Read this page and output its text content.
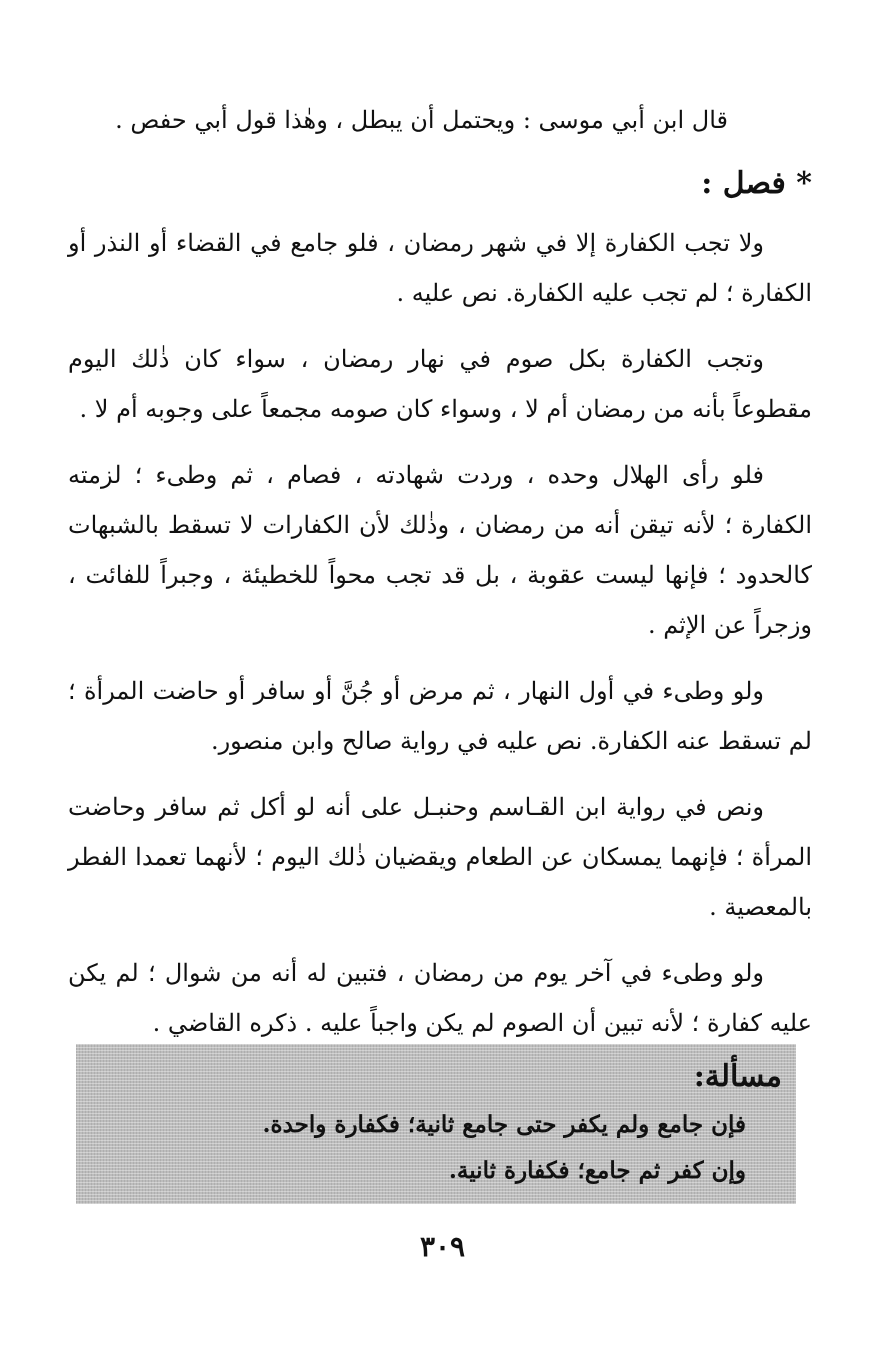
قال ابن أبي موسى : ويحتمل أن يبطل ، وهٰذا قول أبي حفص .

* فصل :

ولا تجب الكفارة إلا في شهر رمضان ، فلو جامع في القضاء أو النذر أو الكفارة ؛ لم تجب عليه الكفارة. نص عليه .

وتجب الكفارة بكل صوم في نهار رمضان ، سواء كان ذٰلك اليوم مقطوعاً بأنه من رمضان أم لا ، وسواء كان صومه مجمعاً على وجوبه أم لا .

فلو رأى الهلال وحده ، وردت شهادته ، فصام ، ثم وطىء ؛ لزمته الكفارة ؛ لأنه تيقن أنه من رمضان ، وذٰلك لأن الكفارات لا تسقط بالشبهات كالحدود ؛ فإنها ليست عقوبة ، بل قد تجب محواً للخطيئة ، وجبراً للفائت ، وزجراً عن الإثم .

ولو وطىء في أول النهار ، ثم مرض أو جُنَّ أو سافر أو حاضت المرأة ؛ لم تسقط عنه الكفارة. نص عليه في رواية صالح وابن منصور.

ونص في رواية ابن القـاسم وحنبـل على أنه لو أكل ثم سافر وحاضت المرأة ؛ فإنهما يمسكان عن الطعام ويقضيان ذٰلك اليوم ؛ لأنهما تعمدا الفطر بالمعصية .

ولو وطىء في آخر يوم من رمضان ، فتبين له أنه من شوال ؛ لم يكن عليه كفارة ؛ لأنه تبين أن الصوم لم يكن واجباً عليه . ذكره القاضي .

مسألة:

فإن جامع ولم يكفر حتى جامع ثانية؛ فكفارة واحدة.

وإن كفر ثم جامع؛ فكفارة ثانية.

٣٠٩
